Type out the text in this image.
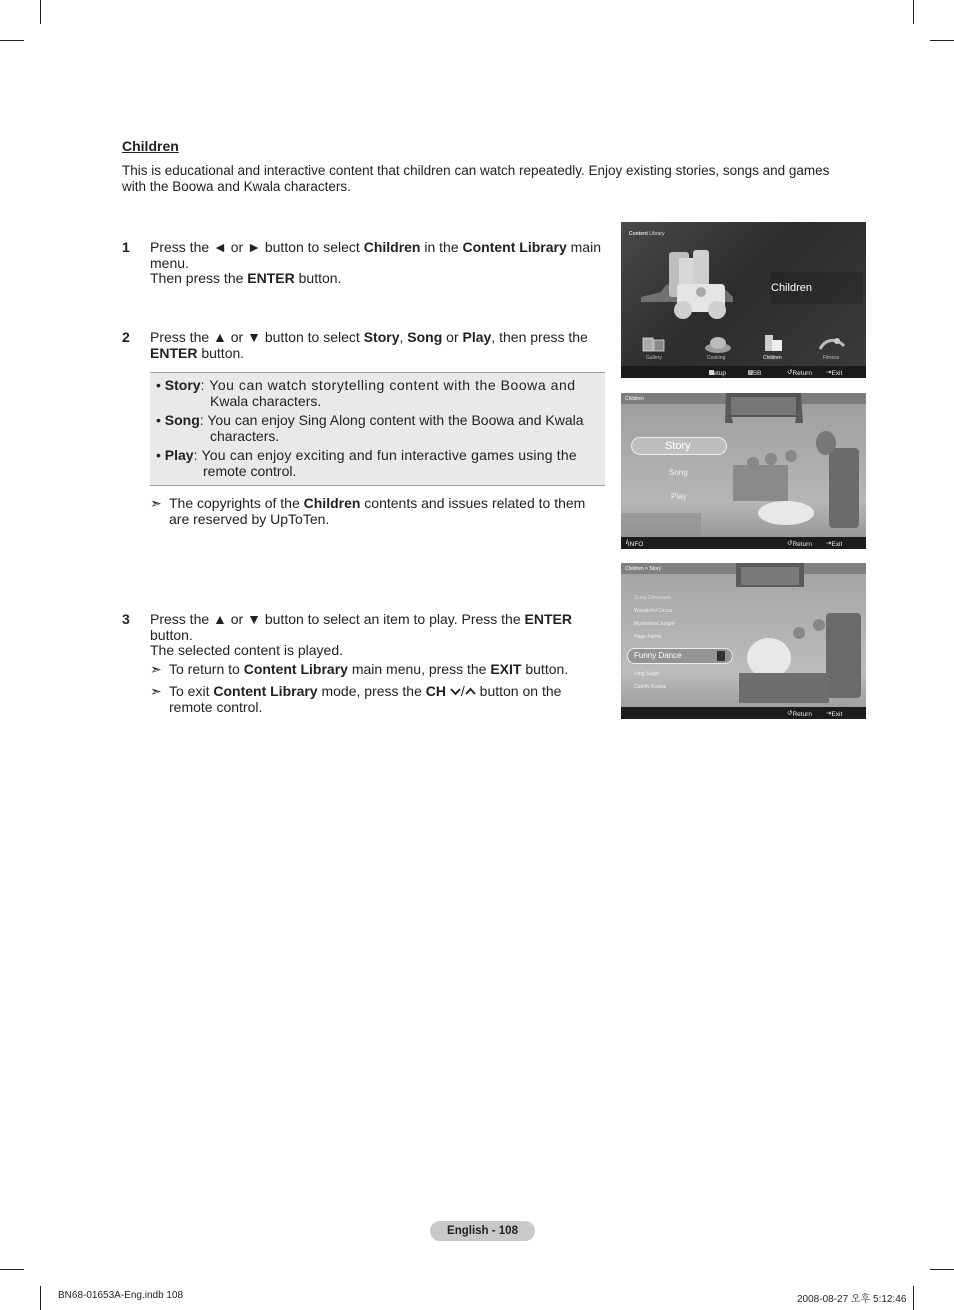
Children
This is educational and interactive content that children can watch repeatedly. Enjoy existing stories, songs and games with the Boowa and Kwala characters.
1 Press the ◄ or ► button to select Children in the Content Library main

menu.

Then press the ENTER button.

2 Press the ▲ or ▼ button to select Story, Song or Play, then press the

ENTER button.

• Story: You can watch storytelling content with the Boowa and
Kwala characters.
• Song: You can enjoy Sing Along content with the Boowa and Kwala
characters.
• Play: You can enjoy exciting and fun interactive games using the
remote control.
➣ The copyrights of the Children contents and issues related to them

are reserved by UpToTen.

3 Press the ▲ or ▼ button to select an item to play. Press the ENTER

button.

The selected content is played.

➣ To return to Content Library main menu, press the EXIT button.

➣ To exit Content Library mode, press the CH / button on the

remote control.

Content Library
Children
Gallery	Cooking	Children	Fitness
Setup	USB	↺ Return ⇥ Exit
Children
Story
Song
Play
i INFO	↺ Return ⇥ Exit
Children > Story
Scary Dinosaurs
Wonderful Circus
Mysterious Jungle
Huge Farms
Funny Dance
Icing Sugar
Cuddly Koalas
↺ Return ⇥ Exit
English - 108
BN68-01653A-Eng.indb 108	2008-08-27 오후 5:12:46
